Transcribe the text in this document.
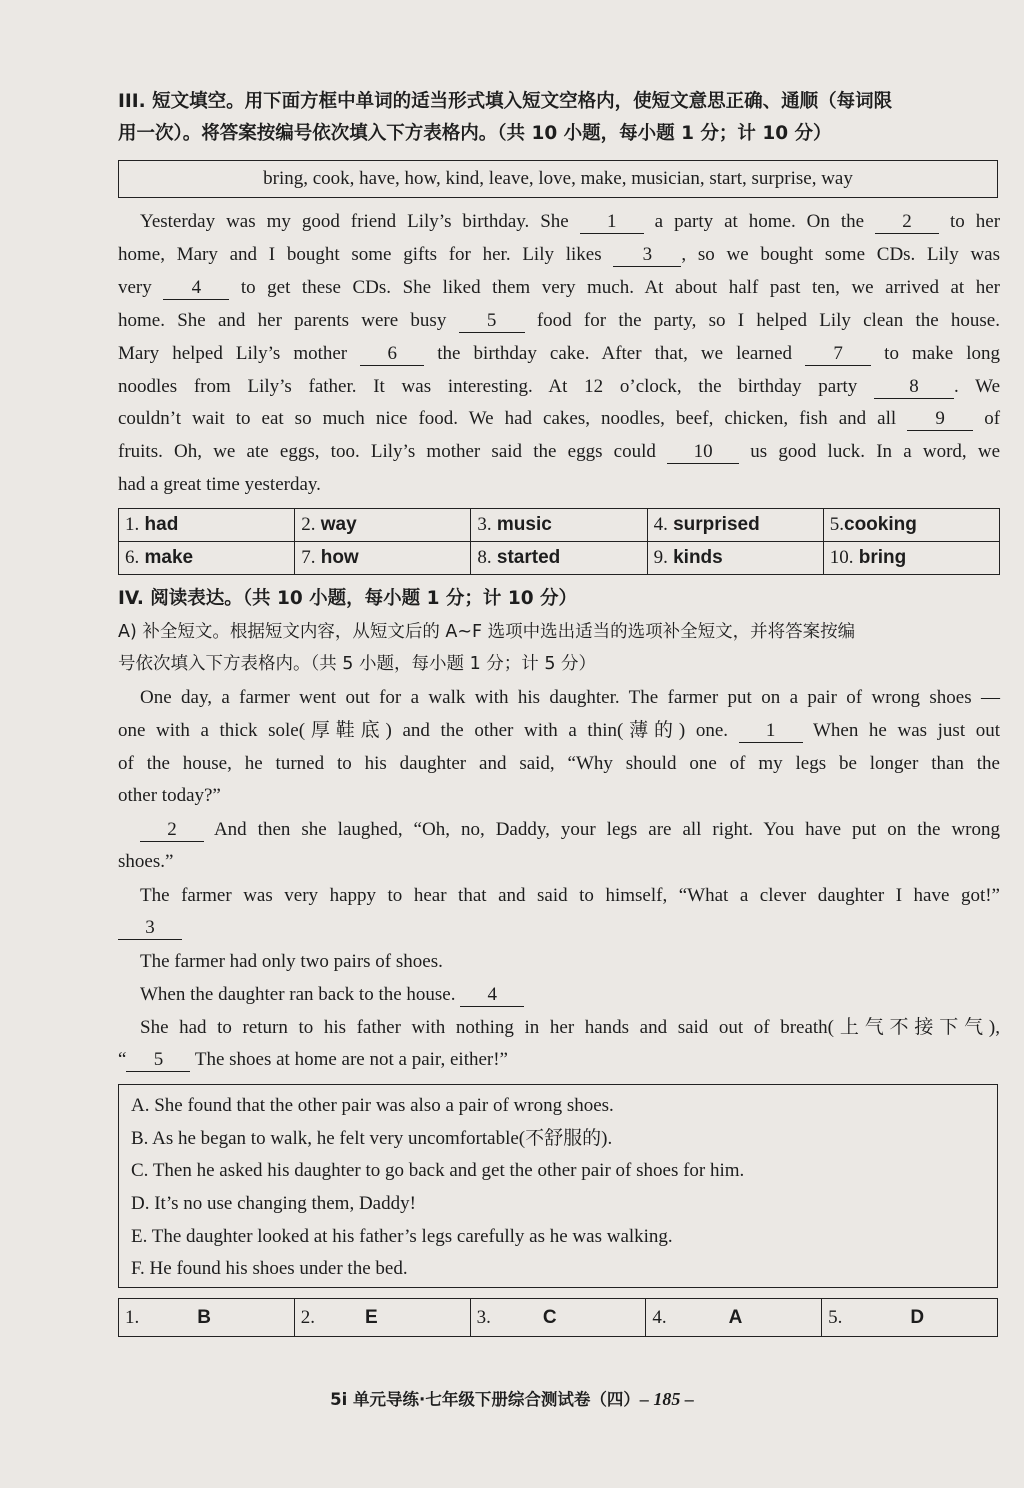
III. 短文填空。用下面方框中单词的适当形式填入短文空格内，使短文意思正确、通顺（每词限
用一次）。将答案按编号依次填入下方表格内。（共 10 小题，每小题 1 分；计 10 分）
bring, cook, have, how, kind, leave, love, make, musician, start, surprise, way
Yesterday was my good friend Lily’s birthday. She 1 a party at home. On the 2 to her
home, Mary and I bought some gifts for her. Lily likes 3 , so we bought some CDs. Lily was
very 4 to get these CDs. She liked them very much. At about half past ten, we arrived at her
home. She and her parents were busy 5 food for the party, so I helped Lily clean the house.
Mary helped Lily’s mother 6 the birthday cake. After that, we learned 7 to make long
noodles from Lily’s father. It was interesting. At 12 o’clock, the birthday party	8 . We
couldn’t wait to eat so much nice food. We had cakes, noodles, beef, chicken, fish and all 9 of
fruits. Oh, we ate eggs, too. Lily’s mother said the eggs could 10 us good luck. In a word, we
had a great time yesterday.
1. had	2. way	3. music	4. surprised	5.cooking
6. make	7. how	8. started	9. kinds	10. bring
IV. 阅读表达。（共 10 小题，每小题 1 分；计 10 分）
A) 补全短文。根据短文内容，从短文后的 A~F 选项中选出适当的选项补全短文，并将答案按编
号依次填入下方表格内。（共 5 小题，每小题 1 分；计 5 分）
One day, a farmer went out for a walk with his daughter. The farmer put on a pair of wrong shoes —
one with a thick sole(厚鞋底) and the other with a thin(薄的) one. 1 When he was just out
of the house, he turned to his daughter and said, “Why should one of my legs be longer than the
other today?”
2 And then she laughed, “Oh, no, Daddy, your legs are all right. You have put on the wrong
shoes.”
The farmer was very happy to hear that and said to himself, “What a clever daughter I have got!”
3
The farmer had only two pairs of shoes.
When the daughter ran back to the house. 4
She had to return to his father with nothing in her hands and said out of breath(上气不接下气),
“ 5 The shoes at home are not a pair, either!”
A. She found that the other pair was also a pair of wrong shoes.
B. As he began to walk, he felt very uncomfortable(不舒服的).
C. Then he asked his daughter to go back and get the other pair of shoes for him.
D. It’s no use changing them, Daddy!
E. The daughter looked at his father’s legs carefully as he was walking.
F. He found his shoes under the bed.
1.	B	2.	E	3.	C	4.	A	5.	D
5i 单元导练·七年级下册综合测试卷（四）– 185 –
